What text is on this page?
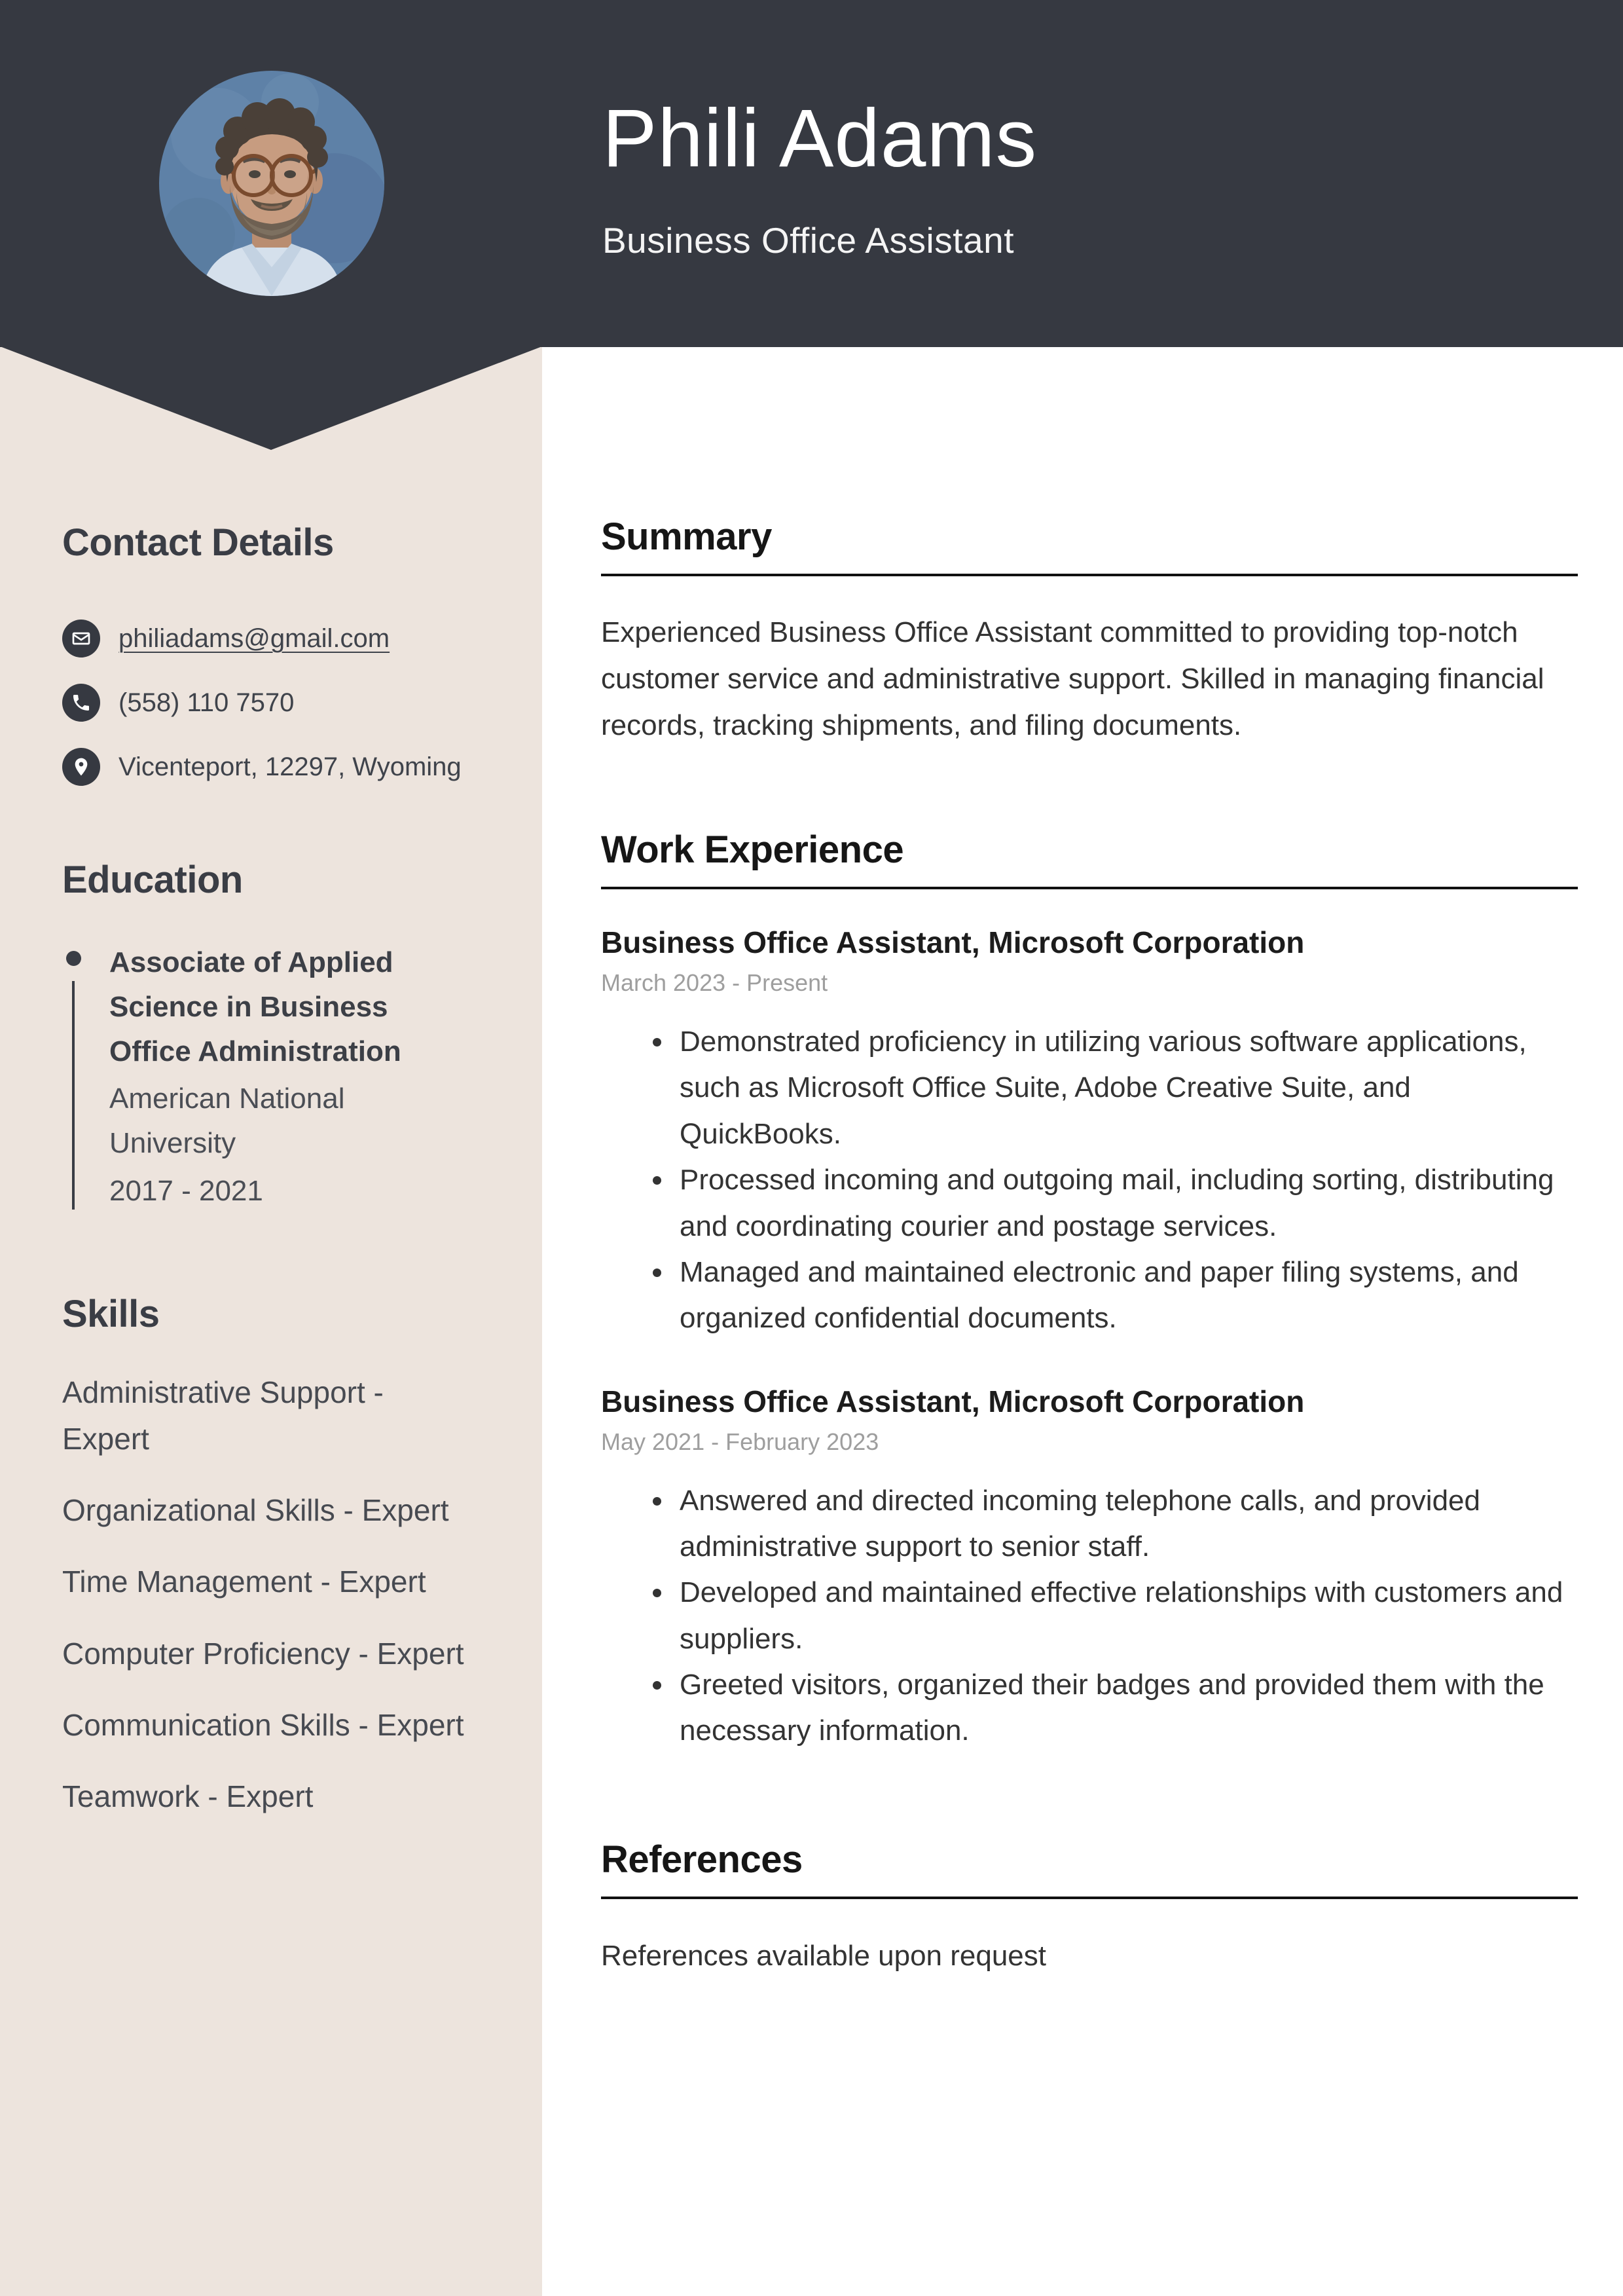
Phili Adams
Business Office Assistant
Contact Details
philiadams@gmail.com
(558) 110 7570
Vicenteport, 12297, Wyoming
Education
Associate of Applied Science in Business Office Administration
American National University
2017 - 2021
Skills
Administrative Support - Expert
Organizational Skills - Expert
Time Management - Expert
Computer Proficiency - Expert
Communication Skills - Expert
Teamwork - Expert
Summary
Experienced Business Office Assistant committed to providing top-notch customer service and administrative support. Skilled in managing financial records, tracking shipments, and filing documents.
Work Experience
Business Office Assistant, Microsoft Corporation
March 2023 - Present
• Demonstrated proficiency in utilizing various software applications, such as Microsoft Office Suite, Adobe Creative Suite, and QuickBooks.
• Processed incoming and outgoing mail, including sorting, distributing and coordinating courier and postage services.
• Managed and maintained electronic and paper filing systems, and organized confidential documents.
Business Office Assistant, Microsoft Corporation
May 2021 - February 2023
• Answered and directed incoming telephone calls, and provided administrative support to senior staff.
• Developed and maintained effective relationships with customers and suppliers.
• Greeted visitors, organized their badges and provided them with the necessary information.
References
References available upon request
